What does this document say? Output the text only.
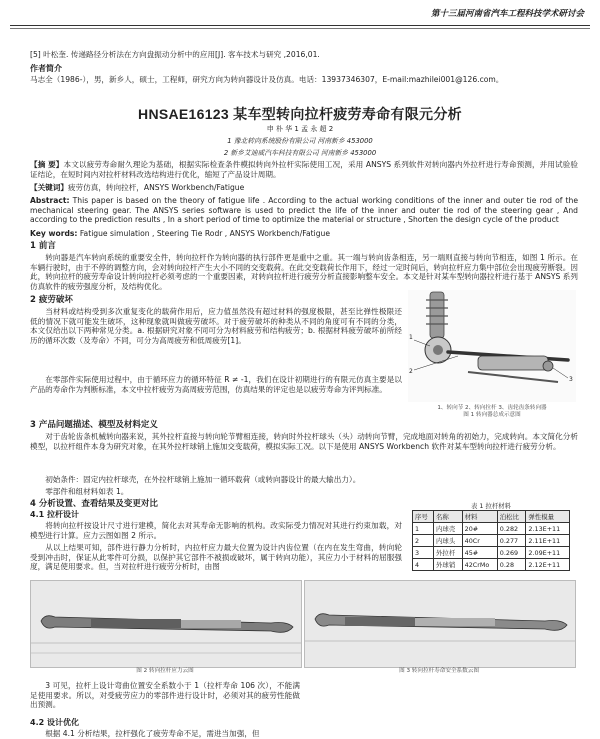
第十三届河南省汽车工程科技学术研讨会
[5] 叶松奎. 传递路径分析法在方向盘振动分析中的应用[J]. 客车技术与研究 ,2016,01.
作者简介
马志全（1986-），男，新乡人，硕士，工程师，研究方向为转向器设计及仿真。电话：13937346307，E-mail:mazhilei001@126.com。
HNSAE16123 某车型转向拉杆疲劳寿命有限元分析
申 朴 华 1 孟 永 超 2
1 豫北转向系统股份有限公司 河南新乡 453000
2 新乡艾迪威汽车科技有限公司 河南新乡 453000
【摘 要】本文以疲劳寿命耐久理论为基础，根据实际检查条件模拟转向外拉杆实际使用工况，采用 ANSYS 系列软件对转向器内外拉杆进行寿命预测，并用试验验证结论，在短时间内对拉杆材料改选结构进行优化，缩短了产品设计周期。
【关键词】疲劳仿真，转向拉杆，ANSYS Workbench/Fatigue
Abstract: This paper is based on the theory of fatigue life . According to the actual working conditions of the inner and outer tie rod of the mechanical steering gear. The ANSYS series software is used to predict the life of the inner and outer tie rod of the steering gear , And according to the prediction results , In a short period of time to optimize the material or structure , Shorten the design cycle of the product
Key words: Fatigue simulation , Steering Tie Rodr , ANSYS Workbench/Fatigue
1 前言
转向器是汽车转向系统的重要安全件，转向拉杆作为转向器的执行部件更是重中之重。其一端与转向齿条相连，另一端则直接与转向节相连，如图 1 所示。在车辆行驶时，由于不停的调整方向，会对转向拉杆产生大小不同的交变载荷。在此交变载荷长作用下，经过一定时间后，转向拉杆应力集中部位会出现疲劳断裂。因此，转向拉杆的疲劳寿命设计转向拉杆必须考虑的一个重要因素，对转向拉杆进行疲劳分析直接影响整车安全。本文是针对某车型转向器拉杆进行基于 ANSYS 系列仿真软件的疲劳强度分析，及结构优化。
2 疲劳破坏
当材料或结构受到多次重复变化的载荷作用后，应力值虽然没有超过材料的强度极限，甚至比弹性极限还低的情况下就可能发生破坏，这种现象就叫做疲劳破坏。对于疲劳破坏的种类从不同的角度可有不同的分类，本文仅给出以下两种常见分类。a. 根据研究对象不同可分为材料疲劳和结构疲劳；b. 根据材料疲劳破坏前所经历的循环次数（及寿命）不同，可分为高周疲劳和低周疲劳[1]。
在零部件实际使用过程中，由于循环应力的循环特征 R ≠ -1，我们在设计初期进行的有限元仿真主要是以产品的寿命作为判断标准，本文中拉杆疲劳为高周疲劳范围，仿真结果的评定也是以疲劳寿命为评判标准。
1
2
3
1、转向节 2、转向拉杆 3、齿轮齿条转向器
图 1 转向器总成示意图
3 产品问题描述、模型及材料定义
对于齿轮齿条机械转向器来说，其外拉杆直接与转向轮节臂相连接，转向时外拉杆球头（头）动转向节臂，完成地面对转角的初始力，完成转向。本文简化分析模型，以拉杆组件本身为研究对象，在其外拉杆球销上施加交变载荷，模拟实际工况。以下是使用 ANSYS Workbench 软件对某车型转向拉杆进行疲劳分析。
初始条件：固定内拉杆球壳，在外拉杆球销上施加一循环载荷（或转向器设计的最大输出力）。
零部件和组材料如表 1。
4 分析设置、查看结果及变更对比
4.1 拉杆设计
将转向拉杆按设计尺寸进行建模，简化去对其寿命无影响的机构。改实际受力情况对其进行约束加载，对模型进行计算。应力云图如图 2 所示。
从以上结果可知，部件进行静力分析时，内拉杆应力最大位置为设计内齿位置（在内在发生弯曲，转向轮受到冲击时，保证从此零件可分损，以保护其它部件不被损或破坏，属于转向功能），其应力小于材料的屈服强度，满足使用要求。但，当对拉杆进行疲劳分析时，由图
表 1 拉杆材料
序号	名称	材料	泊松比	弹性模量
1	内球壳	20#	0.282	2.13E+11
2	内球头	40Cr	0.277	2.11E+11
3	外拉杆	45#	0.269	2.09E+11
4	外球销	42CrMo	0.28	2.12E+11
图 2 转向拉杆应力云图	图 3 转向拉杆寿命安全系数云图
3 可见，拉杆上设计弯曲位置安全系数小于 1（拉杆寿命 106 次），不能满足使用要求。所以，对受疲劳应力的零部件进行设计时，必须对其的疲劳性能做出预测。
4.2 设计优化
根据 4.1 分析结果，拉杆强化了疲劳寿命不足，需进当加强，但
